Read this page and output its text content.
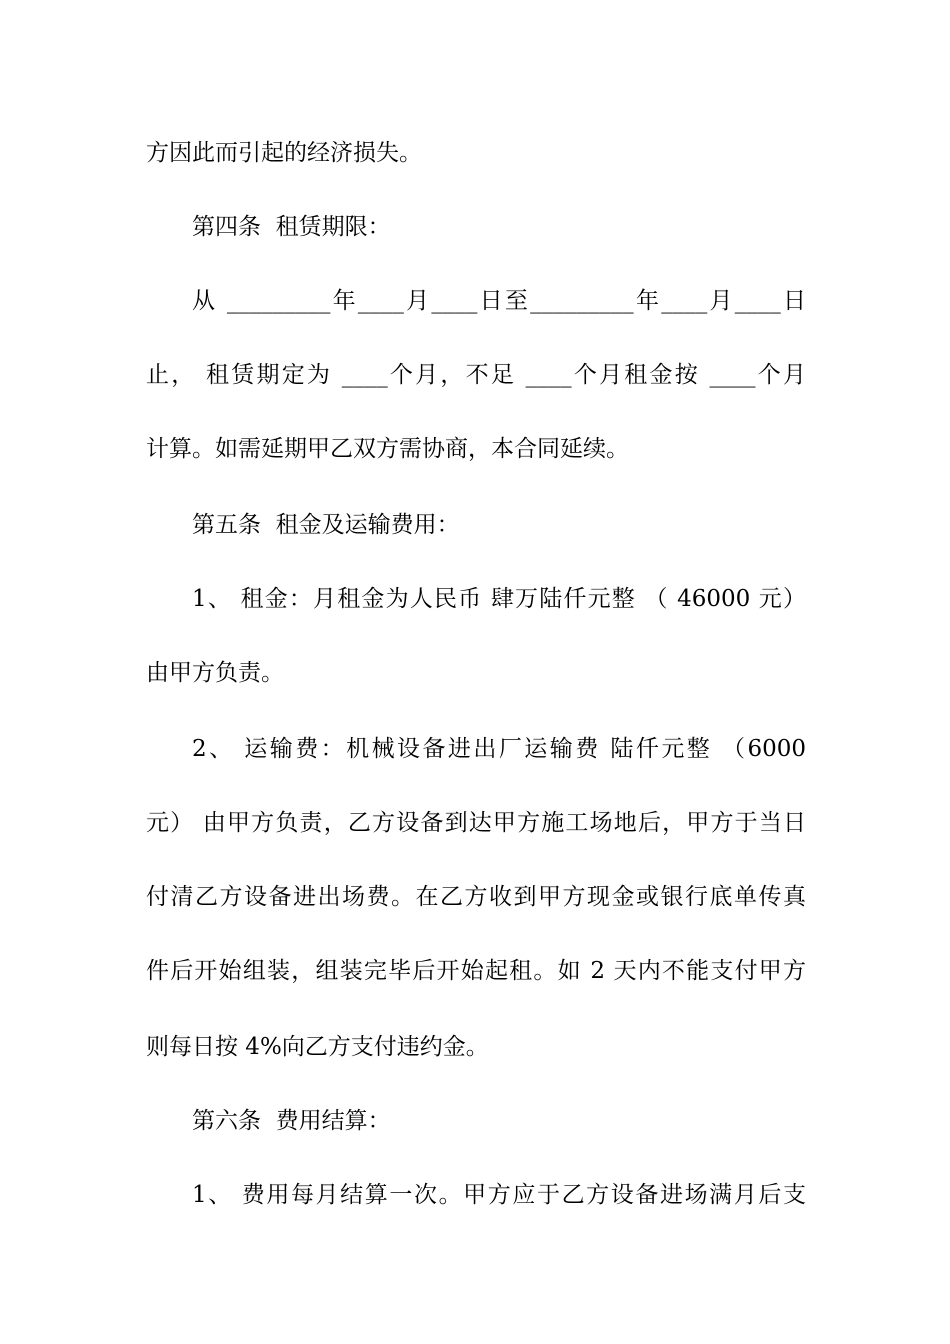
方因此而引起的经济损失。
第四条  租赁期限：
从 _________年____月____日至_________年____月____日
止， 租赁期定为 ____个月，不足 ____个月租金按 ____个月
计算。如需延期甲乙双方需协商，本合同延续。
第五条  租金及运输费用：
1、 租金：月租金为人民币 肆万陆仟元整 （ 46000 元）
由甲方负责。
2、 运输费：机械设备进出厂运输费 陆仟元整 （6000
元） 由甲方负责，乙方设备到达甲方施工场地后，甲方于当日
付清乙方设备进出场费。在乙方收到甲方现金或银行底单传真
件后开始组装，组装完毕后开始起租。如 2 天内不能支付甲方
则每日按 4%向乙方支付违约金。
第六条  费用结算：
1、 费用每月结算一次。甲方应于乙方设备进场满月后支
